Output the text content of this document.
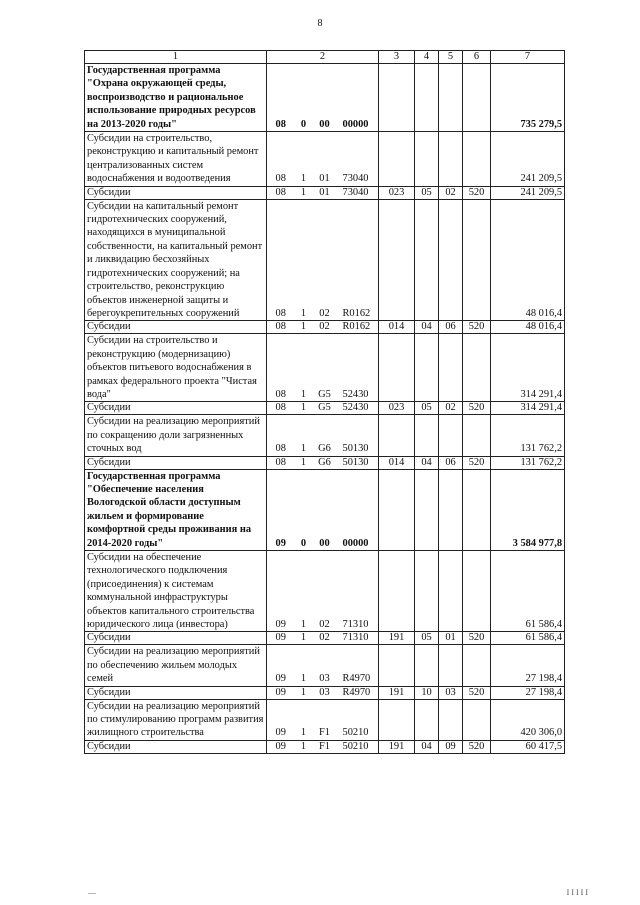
8
1	2				3	4	5	6	7
Государственная программа "Охрана окружающей среды, воспроизводство и рациональное использование природных ресурсов на 2013-2020 годы"	08	0	00	00000					735 279,5
Субсидии на строительство, реконструкцию и капитальный ремонт централизованных систем водоснабжения и водоотведения	08	1	01	73040					241 209,5
Субсидии	08	1	01	73040	023	05	02	520	241 209,5
Субсидии на капитальный ремонт гидротехнических сооружений, находящихся в муниципальной собственности, на капитальный ремонт и ликвидацию бесхозяйных гидротехнических сооружений; на строительство, реконструкцию объектов инженерной защиты и берегоукрепительных сооружений	08	1	02	R0162					48 016,4
Субсидии	08	1	02	R0162	014	04	06	520	48 016,4
Субсидии на строительство и реконструкцию (модернизацию) объектов питьевого водоснабжения в рамках федерального проекта "Чистая вода"	08	1	G5	52430					314 291,4
Субсидии	08	1	G5	52430	023	05	02	520	314 291,4
Субсидии на реализацию мероприятий по сокращению доли загрязненных сточных вод	08	1	G6	50130					131 762,2
Субсидии	08	1	G6	50130	014	04	06	520	131 762,2
Государственная программа "Обеспечение населения Вологодской области доступным жильем и формирование комфортной среды проживания на 2014-2020 годы"	09	0	00	00000					3 584 977,8
Субсидии на обеспечение технологического подключения (присоединения) к системам коммунальной инфраструктуры объектов капитального строительства юридического лица (инвестора)	09	1	02	71310					61 586,4
Субсидии	09	1	02	71310	191	05	01	520	61 586,4
Субсидии на реализацию мероприятий по обеспечению жильем молодых семей	09	1	03	R4970					27 198,4
Субсидии	09	1	03	R4970	191	10	03	520	27 198,4
Субсидии на реализацию мероприятий по стимулированию программ развития жилищного строительства	09	1	F1	50210					420 306,0
Субсидии	09	1	F1	50210	191	04	09	520	60 417,5
—	I I I I I
